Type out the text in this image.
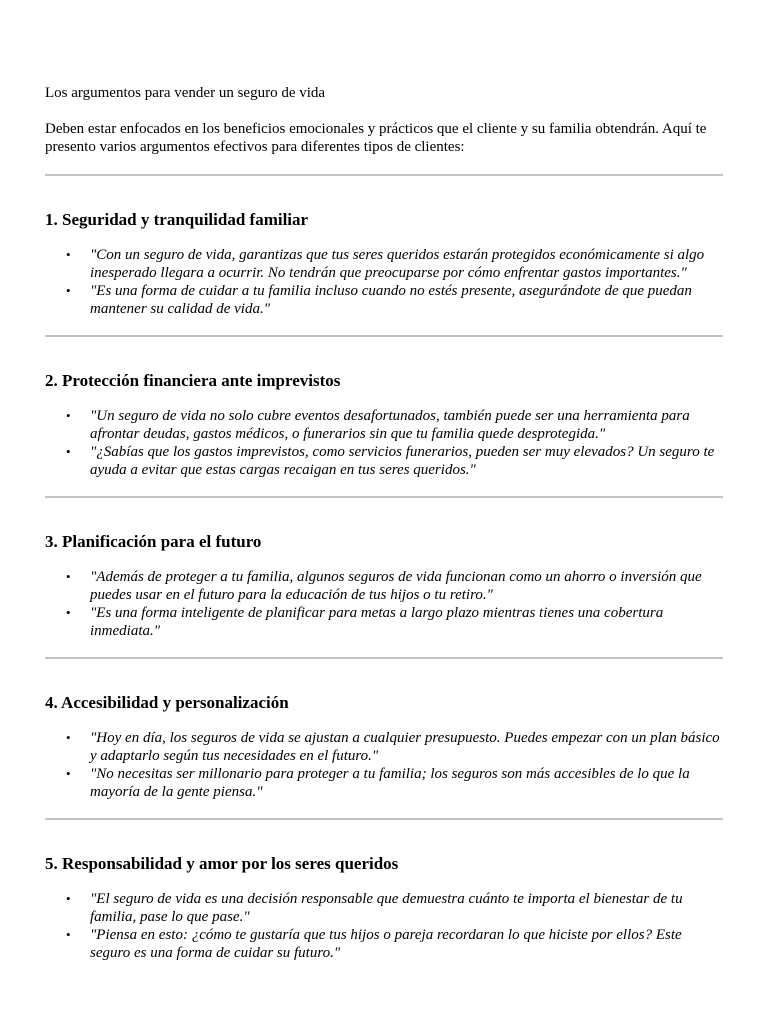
Los argumentos para vender un seguro de vida

Deben estar enfocados en los beneficios emocionales y prácticos que el cliente y su familia obtendrán. Aquí te presento varios argumentos efectivos para diferentes tipos de clientes:

1. Seguridad y tranquilidad familiar
• "Con un seguro de vida, garantizas que tus seres queridos estarán protegidos económicamente si algo inesperado llegara a ocurrir. No tendrán que preocuparse por cómo enfrentar gastos importantes."
• "Es una forma de cuidar a tu familia incluso cuando no estés presente, asegurándote de que puedan mantener su calidad de vida."
2. Protección financiera ante imprevistos
• "Un seguro de vida no solo cubre eventos desafortunados, también puede ser una herramienta para afrontar deudas, gastos médicos, o funerarios sin que tu familia quede desprotegida."
• "¿Sabías que los gastos imprevistos, como servicios funerarios, pueden ser muy elevados? Un seguro te ayuda a evitar que estas cargas recaigan en tus seres queridos."
3. Planificación para el futuro
• "Además de proteger a tu familia, algunos seguros de vida funcionan como un ahorro o inversión que puedes usar en el futuro para la educación de tus hijos o tu retiro."
• "Es una forma inteligente de planificar para metas a largo plazo mientras tienes una cobertura inmediata."
4. Accesibilidad y personalización
• "Hoy en día, los seguros de vida se ajustan a cualquier presupuesto. Puedes empezar con un plan básico y adaptarlo según tus necesidades en el futuro."
• "No necesitas ser millonario para proteger a tu familia; los seguros son más accesibles de lo que la mayoría de la gente piensa."
5. Responsabilidad y amor por los seres queridos
• "El seguro de vida es una decisión responsable que demuestra cuánto te importa el bienestar de tu familia, pase lo que pase."
• "Piensa en esto: ¿cómo te gustaría que tus hijos o pareja recordaran lo que hiciste por ellos? Este seguro es una forma de cuidar su futuro."
